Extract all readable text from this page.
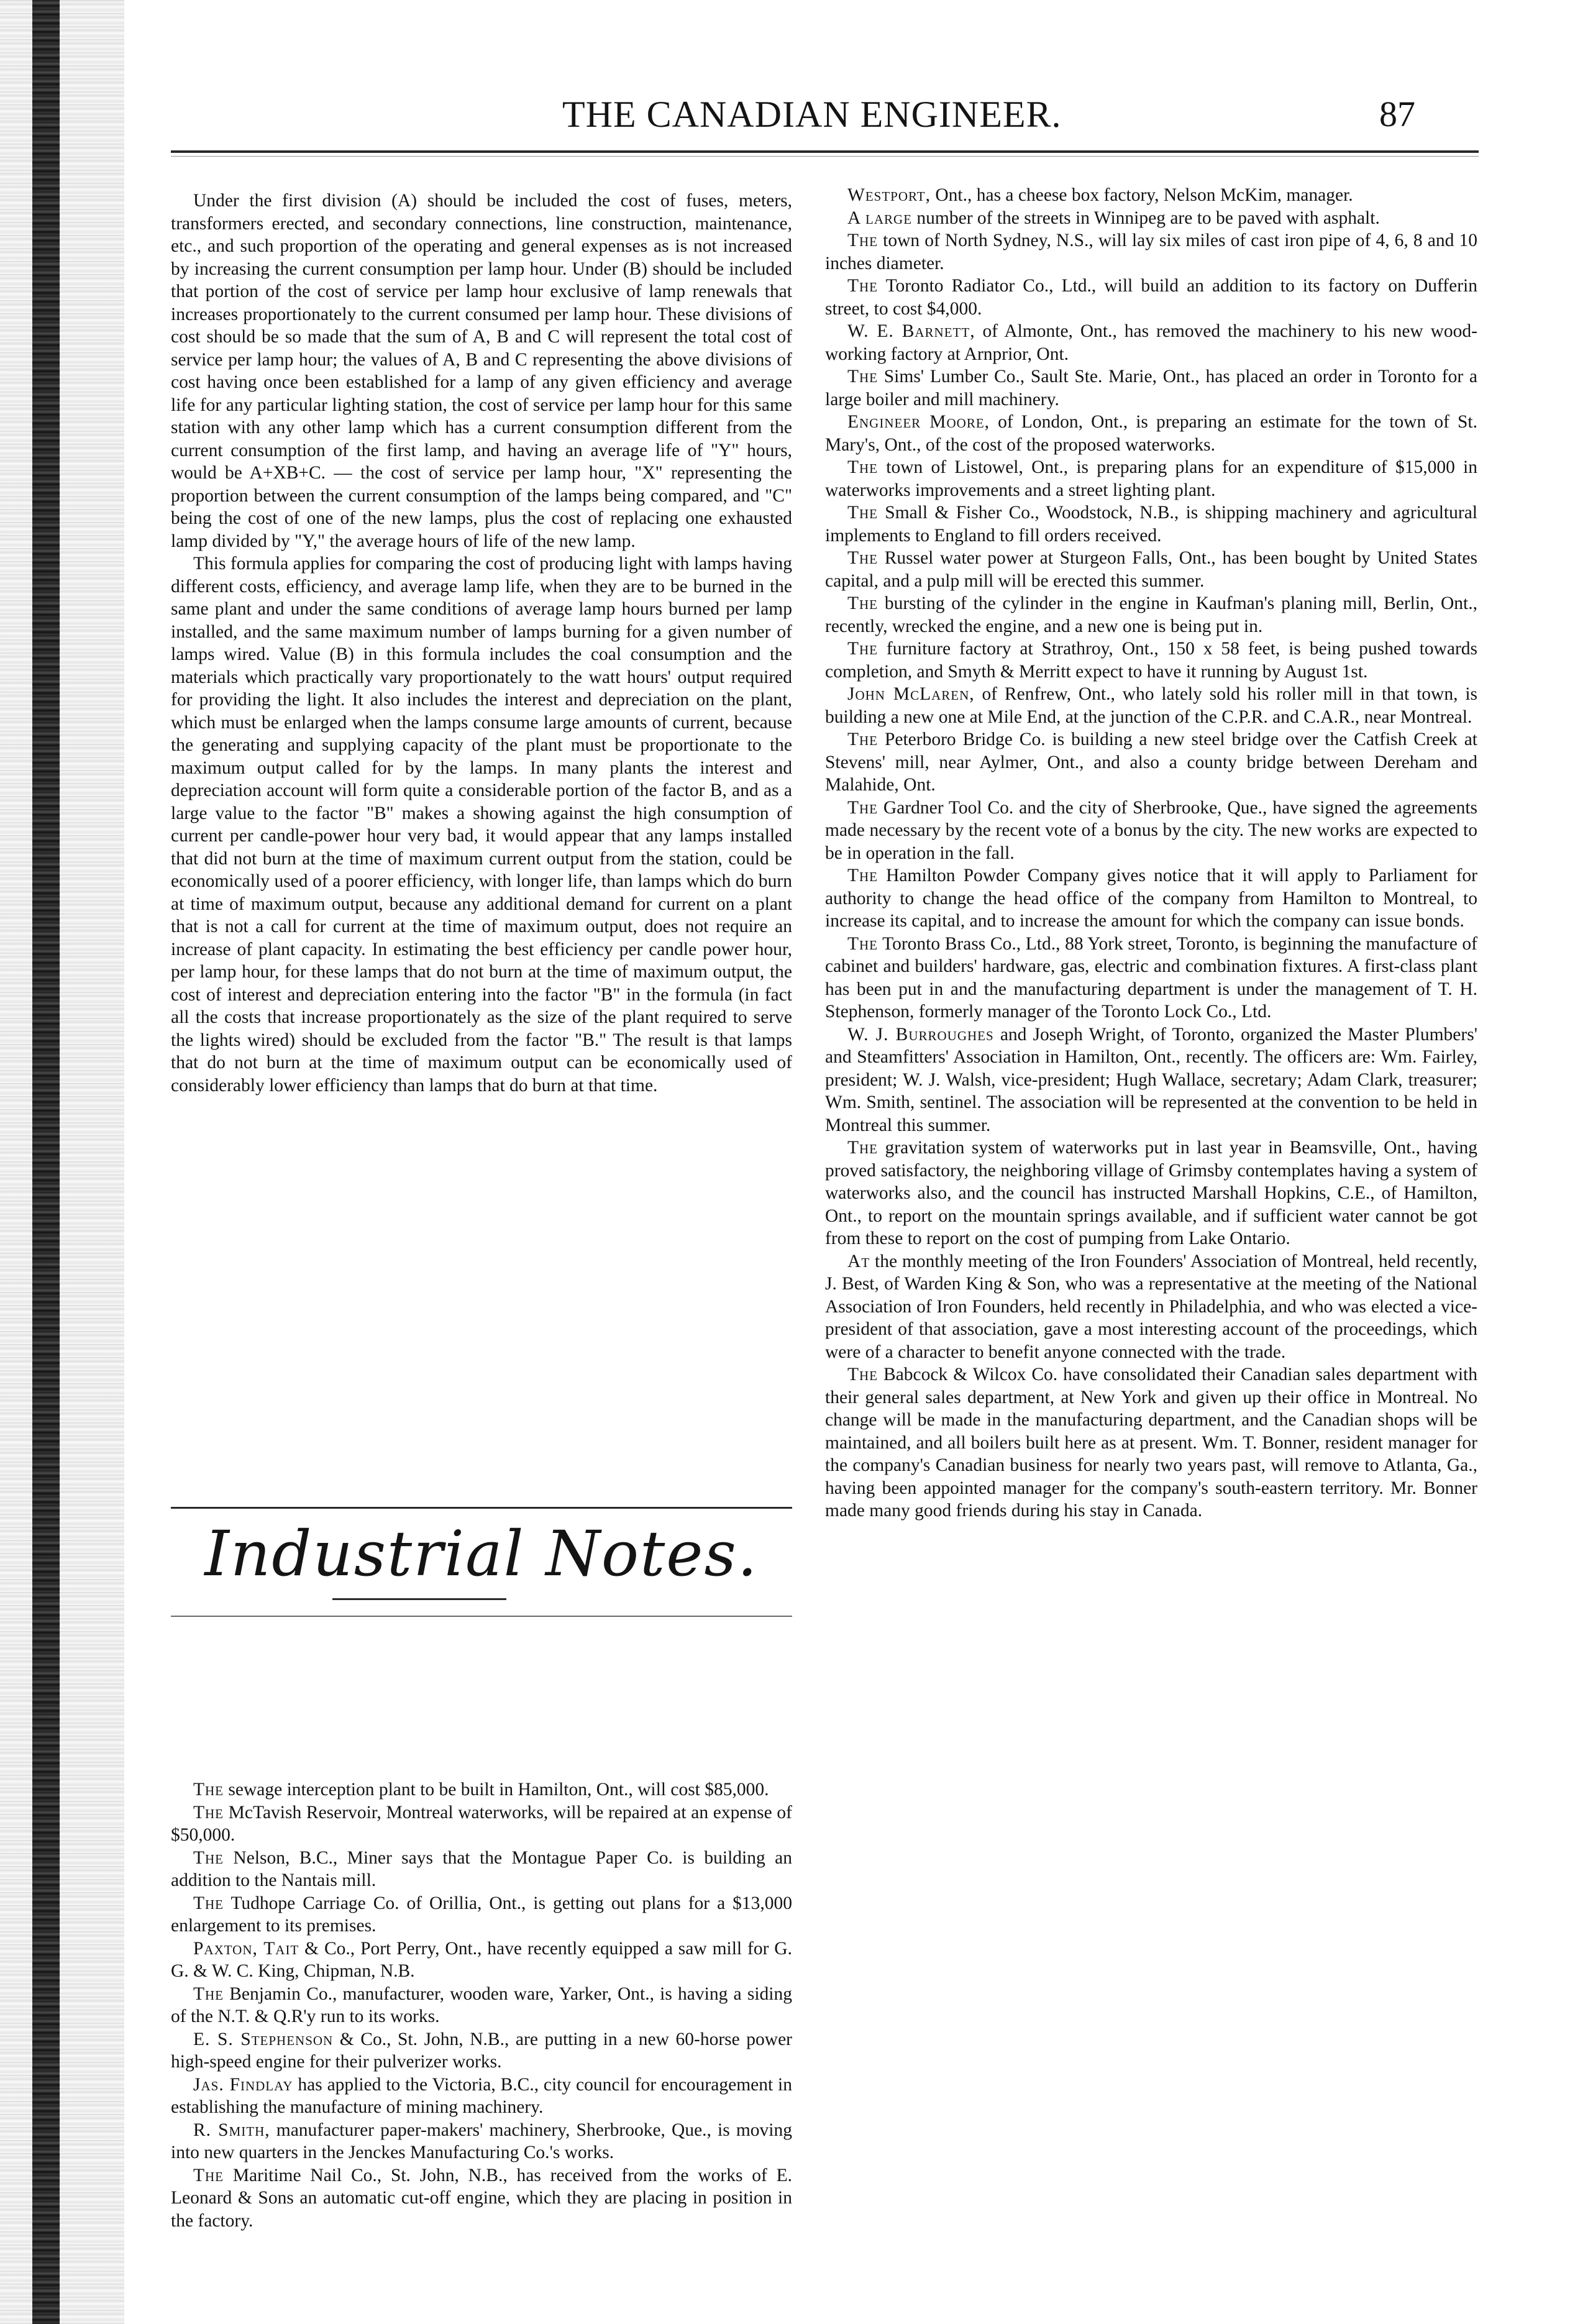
THE CANADIAN ENGINEER.	87

Under the first division (A) should be included the cost of fuses, meters, transformers erected, and secondary connections, line construction, maintenance, etc., and such proportion of the operating and general expenses as is not increased by increasing the current consumption per lamp hour. Under (B) should be included that portion of the cost of service per lamp hour exclusive of lamp renewals that increases proportionately to the current consumed per lamp hour. These divisions of cost should be so made that the sum of A, B and C will represent the total cost of service per lamp hour; the values of A, B and C representing the above divisions of cost having once been established for a lamp of any given efficiency and average life for any particular lighting station, the cost of service per lamp hour for this same station with any other lamp which has a current consumption different from the current consumption of the first lamp, and having an average life of "Y" hours, would be A+XB+C. — the cost of service per lamp hour, "X" representing the proportion between the current consumption of the lamps being compared, and "C" being the cost of one of the new lamps, plus the cost of replacing one exhausted lamp divided by "Y," the average hours of life of the new lamp.

This formula applies for comparing the cost of producing light with lamps having different costs, efficiency, and average lamp life, when they are to be burned in the same plant and under the same conditions of average lamp hours burned per lamp installed, and the same maximum number of lamps burning for a given number of lamps wired. Value (B) in this formula includes the coal consumption and the materials which practically vary proportionately to the watt hours' output required for providing the light. It also includes the interest and depreciation on the plant, which must be enlarged when the lamps consume large amounts of current, because the generating and supplying capacity of the plant must be proportionate to the maximum output called for by the lamps. In many plants the interest and depreciation account will form quite a considerable portion of the factor B, and as a large value to the factor "B" makes a showing against the high consumption of current per candle-power hour very bad, it would appear that any lamps installed that did not burn at the time of maximum current output from the station, could be economically used of a poorer efficiency, with longer life, than lamps which do burn at time of maximum output, because any additional demand for current on a plant that is not a call for current at the time of maximum output, does not require an increase of plant capacity. In estimating the best efficiency per candle power hour, per lamp hour, for these lamps that do not burn at the time of maximum output, the cost of interest and depreciation entering into the factor "B" in the formula (in fact all the costs that increase proportionately as the size of the plant required to serve the lights wired) should be excluded from the factor "B." The result is that lamps that do not burn at the time of maximum output can be economically used of considerably lower efficiency than lamps that do burn at that time.

Industrial Notes.

The sewage interception plant to be built in Hamilton, Ont., will cost $85,000.

The McTavish Reservoir, Montreal waterworks, will be repaired at an expense of $50,000.

The Nelson, B.C., Miner says that the Montague Paper Co. is building an addition to the Nantais mill.

The Tudhope Carriage Co. of Orillia, Ont., is getting out plans for a $13,000 enlargement to its premises.

Paxton, Tait & Co., Port Perry, Ont., have recently equipped a saw mill for G. G. & W. C. King, Chipman, N.B.

The Benjamin Co., manufacturer, wooden ware, Yarker, Ont., is having a siding of the N.T. & Q.R'y run to its works.

E. S. Stephenson & Co., St. John, N.B., are putting in a new 60-horse power high-speed engine for their pulverizer works.

Jas. Findlay has applied to the Victoria, B.C., city council for encouragement in establishing the manufacture of mining machinery.

R. Smith, manufacturer paper-makers' machinery, Sherbrooke, Que., is moving into new quarters in the Jenckes Manufacturing Co.'s works.

The Maritime Nail Co., St. John, N.B., has received from the works of E. Leonard & Sons an automatic cut-off engine, which they are placing in position in the factory.

Westport, Ont., has a cheese box factory, Nelson McKim, manager.

A large number of the streets in Winnipeg are to be paved with asphalt.

The town of North Sydney, N.S., will lay six miles of cast iron pipe of 4, 6, 8 and 10 inches diameter.

The Toronto Radiator Co., Ltd., will build an addition to its factory on Dufferin street, to cost $4,000.

W. E. Barnett, of Almonte, Ont., has removed the machinery to his new wood-working factory at Arnprior, Ont.

The Sims' Lumber Co., Sault Ste. Marie, Ont., has placed an order in Toronto for a large boiler and mill machinery.

Engineer Moore, of London, Ont., is preparing an estimate for the town of St. Mary's, Ont., of the cost of the proposed waterworks.

The town of Listowel, Ont., is preparing plans for an expenditure of $15,000 in waterworks improvements and a street lighting plant.

The Small & Fisher Co., Woodstock, N.B., is shipping machinery and agricultural implements to England to fill orders received.

The Russel water power at Sturgeon Falls, Ont., has been bought by United States capital, and a pulp mill will be erected this summer.

The bursting of the cylinder in the engine in Kaufman's planing mill, Berlin, Ont., recently, wrecked the engine, and a new one is being put in.

The furniture factory at Strathroy, Ont., 150 x 58 feet, is being pushed towards completion, and Smyth & Merritt expect to have it running by August 1st.

John McLaren, of Renfrew, Ont., who lately sold his roller mill in that town, is building a new one at Mile End, at the junction of the C.P.R. and C.A.R., near Montreal.

The Peterboro Bridge Co. is building a new steel bridge over the Catfish Creek at Stevens' mill, near Aylmer, Ont., and also a county bridge between Dereham and Malahide, Ont.

The Gardner Tool Co. and the city of Sherbrooke, Que., have signed the agreements made necessary by the recent vote of a bonus by the city. The new works are expected to be in operation in the fall.

The Hamilton Powder Company gives notice that it will apply to Parliament for authority to change the head office of the company from Hamilton to Montreal, to increase its capital, and to increase the amount for which the company can issue bonds.

The Toronto Brass Co., Ltd., 88 York street, Toronto, is beginning the manufacture of cabinet and builders' hardware, gas, electric and combination fixtures. A first-class plant has been put in and the manufacturing department is under the management of T. H. Stephenson, formerly manager of the Toronto Lock Co., Ltd.

W. J. Burroughes and Joseph Wright, of Toronto, organized the Master Plumbers' and Steamfitters' Association in Hamilton, Ont., recently. The officers are: Wm. Fairley, president; W. J. Walsh, vice-president; Hugh Wallace, secretary; Adam Clark, treasurer; Wm. Smith, sentinel. The association will be represented at the convention to be held in Montreal this summer.

The gravitation system of waterworks put in last year in Beamsville, Ont., having proved satisfactory, the neighboring village of Grimsby contemplates having a system of waterworks also, and the council has instructed Marshall Hopkins, C.E., of Hamilton, Ont., to report on the mountain springs available, and if sufficient water cannot be got from these to report on the cost of pumping from Lake Ontario.

At the monthly meeting of the Iron Founders' Association of Montreal, held recently, J. Best, of Warden King & Son, who was a representative at the meeting of the National Association of Iron Founders, held recently in Philadelphia, and who was elected a vice-president of that association, gave a most interesting account of the proceedings, which were of a character to benefit anyone connected with the trade.

The Babcock & Wilcox Co. have consolidated their Canadian sales department with their general sales department, at New York and given up their office in Montreal. No change will be made in the manufacturing department, and the Canadian shops will be maintained, and all boilers built here as at present. Wm. T. Bonner, resident manager for the company's Canadian business for nearly two years past, will remove to Atlanta, Ga., having been appointed manager for the company's south-eastern territory. Mr. Bonner made many good friends during his stay in Canada.
